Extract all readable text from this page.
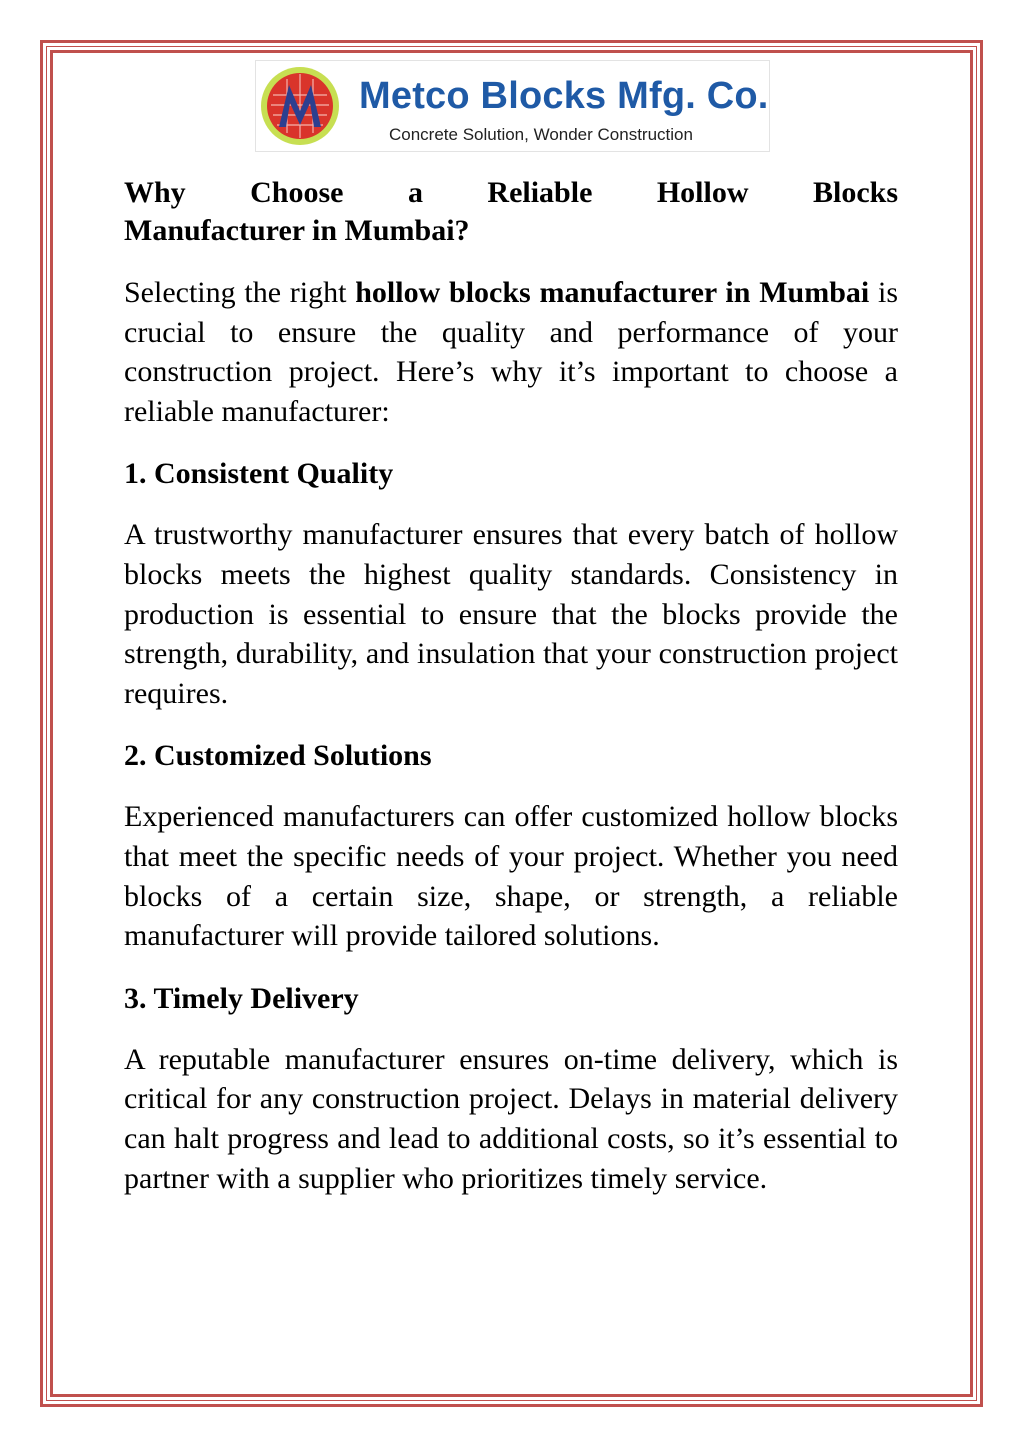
Metco Blocks Mfg. Co.
Concrete Solution, Wonder Construction
Why Choose a Reliable Hollow Blocks
Manufacturer in Mumbai?

Selecting the right hollow blocks manufacturer in Mumbai is crucial to ensure the quality and performance of your construction project. Here’s why it’s important to choose a reliable manufacturer:

1. Consistent Quality

A trustworthy manufacturer ensures that every batch of hollow blocks meets the highest quality standards. Consistency in production is essential to ensure that the blocks provide the strength, durability, and insulation that your construction project requires.

2. Customized Solutions

Experienced manufacturers can offer customized hollow blocks that meet the specific needs of your project. Whether you need blocks of a certain size, shape, or strength, a reliable manufacturer will provide tailored solutions.

3. Timely Delivery

A reputable manufacturer ensures on-time delivery, which is critical for any construction project. Delays in material delivery can halt progress and lead to additional costs, so it’s essential to partner with a supplier who prioritizes timely service.
